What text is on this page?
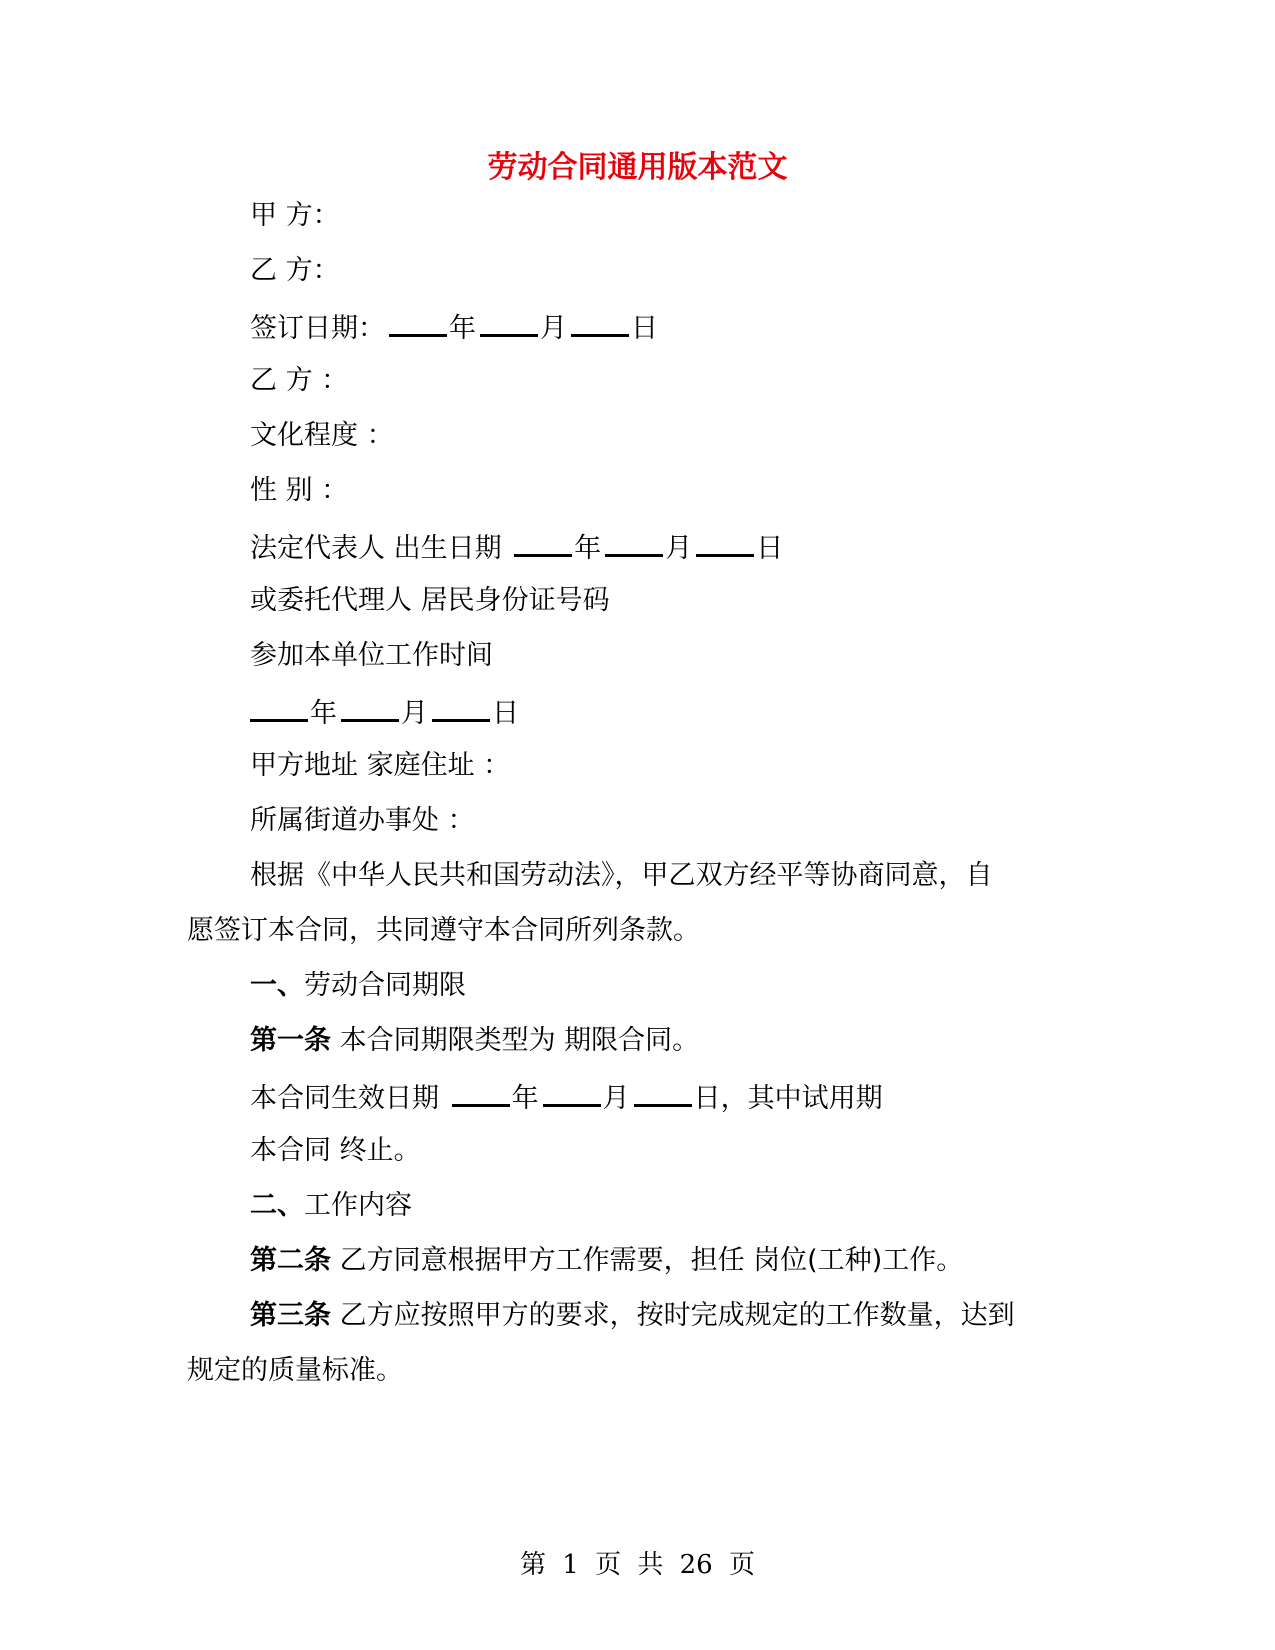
劳动合同通用版本范文
甲 方：
乙 方：
签订日期： 年 月 日
乙 方 ：
文化程度 ：
性 别 ：
法定代表人 出生日期	年 月 日
或委托代理人 居民身份证号码
参加本单位工作时间
年 月 日
甲方地址 家庭住址 ：
所属街道办事处 ：
根据《中华人民共和国劳动法》，甲乙双方经平等协商同意，自
愿签订本合同，共同遵守本合同所列条款。
一、劳动合同期限
第一条 本合同期限类型为 期限合同。
本合同生效日期	年 月 日，其中试用期
本合同 终止。
二、工作内容
第二条 乙方同意根据甲方工作需要，担任 岗位(工种)工作。
第三条 乙方应按照甲方的要求，按时完成规定的工作数量，达到
规定的质量标准。
第 1 页 共 26 页
